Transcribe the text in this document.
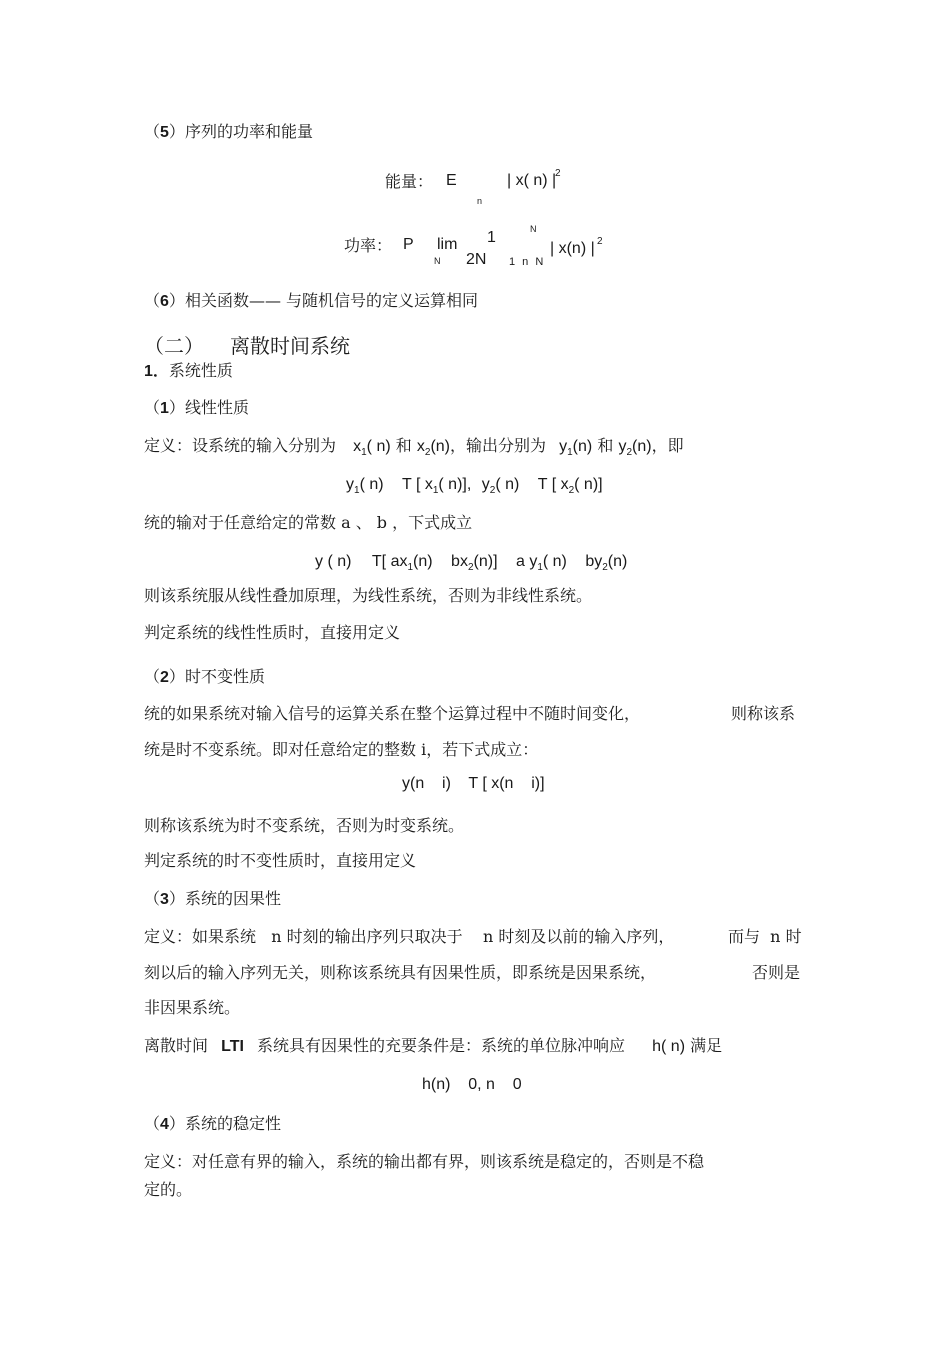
（5）序列的功率和能量
能量： E
n
| x( n) |
2
功率： P lim
N
1
2N
N
1 n N
| x(n) | 2
（6）相关函数—— 与随机信号的定义运算相同
（二） 离散时间系统
1．系统性质
（1）线性性质
定义：设系统的输入分别为 $x_1$( n) 和 $x_2(n)$，输出分别为 $y_1(n)$ 和 $y_2(n)$，即
$y_1$( n) T [ $x_1$( n)], $y_2$( n) T [ $x_2$( n)]
统的输对于任意给定的常数 a 、 b ，下式成立
y ( n) T[ $ax_1(n)$ $bx_2(n)$] a $y_1$( n) $by_2(n)$
则该系统服从线性叠加原理，为线性系统，否则为非线性系统。
判定系统的线性性质时，直接用定义
（2）时不变性质
统的如果系统对输入信号的运算关系在整个运算过程中不随时间变化，	则称该系
统是时不变系统。即对任意给定的整数 i，若下式成立：
y(n    i)    T [ x(n    i)]
则称该系统为时不变系统，否则为时变系统。
判定系统的时不变性质时，直接用定义
（3）系统的因果性
定义：如果系统   n 时刻的输出序列只取决于    n 时刻及以前的输入序列，	而与  n 时
刻以后的输入序列无关，则称该系统具有因果性质，即系统是因果系统，	否则是
非因果系统。
离散时间 LTI 系统具有因果性的充要条件是：系统的单位脉冲响应 h( n) 满足
h(n)    0, n    0
（4）系统的稳定性
定义：对任意有界的输入，系统的输出都有界，则该系统是稳定的，否则是不稳
定的。
